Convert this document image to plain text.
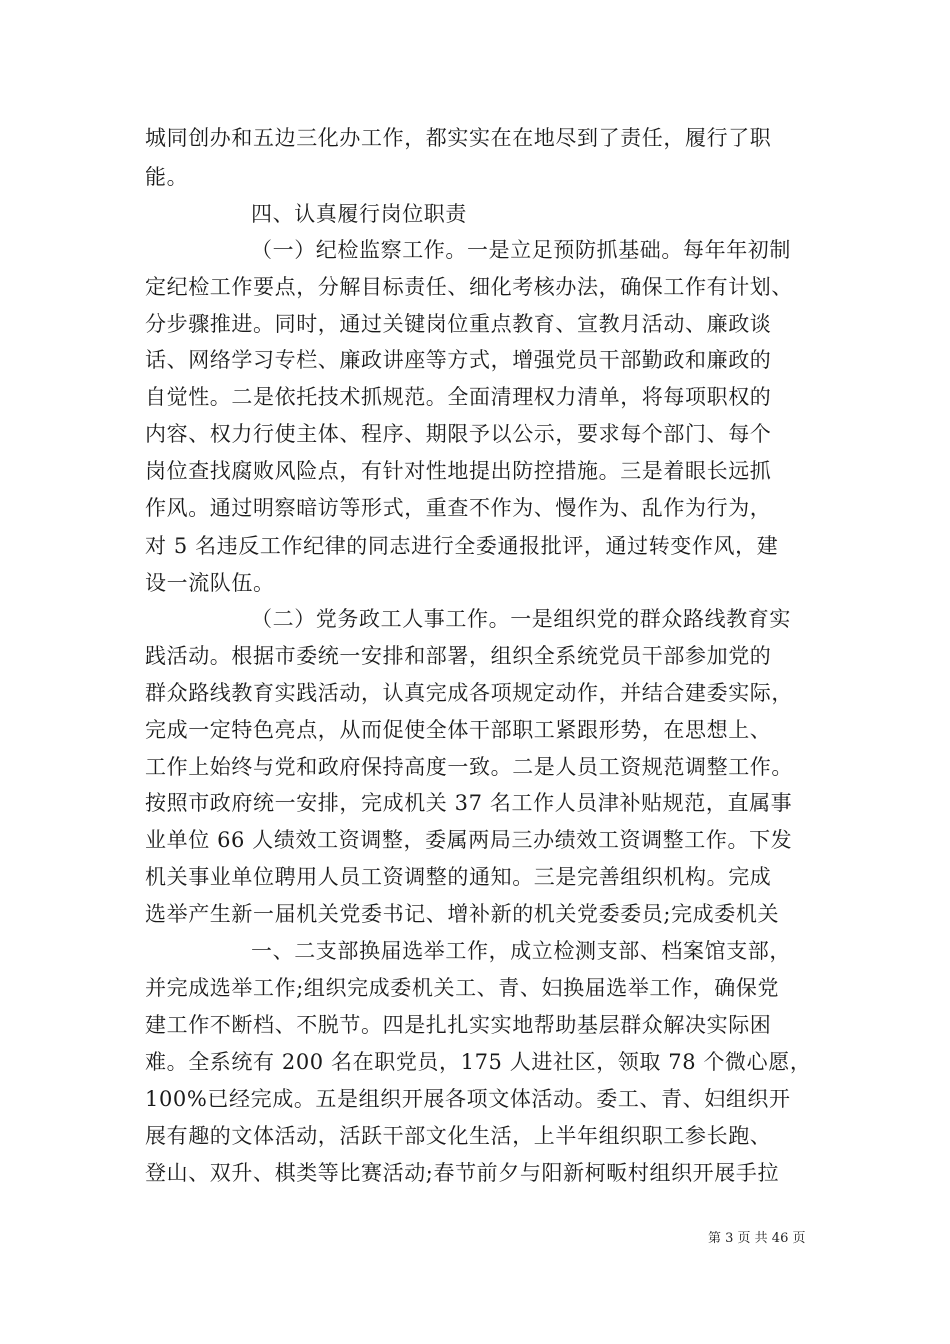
城同创办和五边三化办工作，都实实在在地尽到了责任，履行了职
能。
四、认真履行岗位职责
（一）纪检监察工作。一是立足预防抓基础。每年年初制
定纪检工作要点，分解目标责任、细化考核办法，确保工作有计划、
分步骤推进。同时，通过关键岗位重点教育、宣教月活动、廉政谈
话、网络学习专栏、廉政讲座等方式，增强党员干部勤政和廉政的
自觉性。二是依托技术抓规范。全面清理权力清单，将每项职权的
内容、权力行使主体、程序、期限予以公示，要求每个部门、每个
岗位查找腐败风险点，有针对性地提出防控措施。三是着眼长远抓
作风。通过明察暗访等形式，重查不作为、慢作为、乱作为行为，
对 5 名违反工作纪律的同志进行全委通报批评，通过转变作风，建
设一流队伍。
（二）党务政工人事工作。一是组织党的群众路线教育实
践活动。根据市委统一安排和部署，组织全系统党员干部参加党的
群众路线教育实践活动，认真完成各项规定动作，并结合建委实际，
完成一定特色亮点，从而促使全体干部职工紧跟形势，在思想上、
工作上始终与党和政府保持高度一致。二是人员工资规范调整工作。
按照市政府统一安排，完成机关 37 名工作人员津补贴规范，直属事
业单位 66 人绩效工资调整，委属两局三办绩效工资调整工作。下发
机关事业单位聘用人员工资调整的通知。三是完善组织机构。完成
选举产生新一届机关党委书记、增补新的机关党委委员;完成委机关
一、二支部换届选举工作，成立检测支部、档案馆支部，
并完成选举工作;组织完成委机关工、青、妇换届选举工作，确保党
建工作不断档、不脱节。四是扎扎实实地帮助基层群众解决实际困
难。全系统有 200 名在职党员，175 人进社区，领取 78 个微心愿，
100%已经完成。五是组织开展各项文体活动。委工、青、妇组织开
展有趣的文体活动，活跃干部文化生活，上半年组织职工参长跑、
登山、双升、棋类等比赛活动;春节前夕与阳新柯畈村组织开展手拉
第 3 页 共 46 页
